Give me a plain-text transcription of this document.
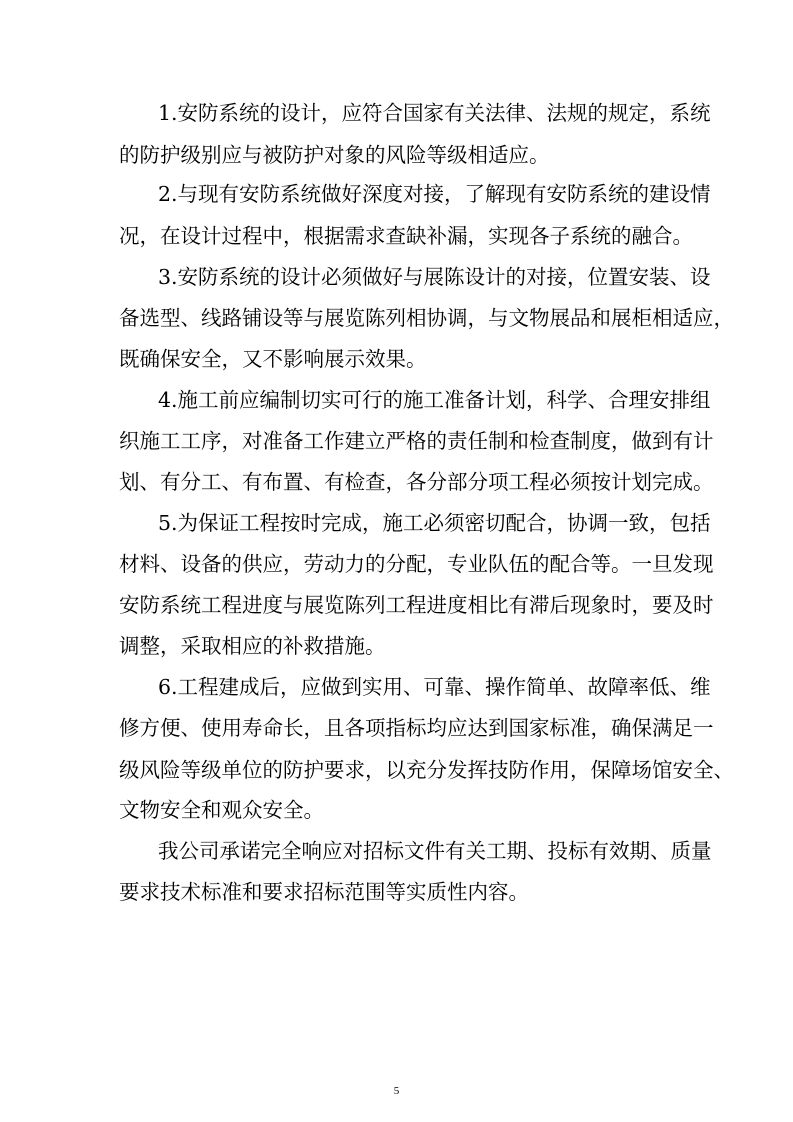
1.安防系统的设计，应符合国家有关法律、法规的规定，系统

的防护级别应与被防护对象的风险等级相适应。

2.与现有安防系统做好深度对接，了解现有安防系统的建设情

况，在设计过程中，根据需求查缺补漏，实现各子系统的融合。

3.安防系统的设计必须做好与展陈设计的对接，位置安装、设

备选型、线路铺设等与展览陈列相协调，与文物展品和展柜相适应，

既确保安全，又不影响展示效果。

4.施工前应编制切实可行的施工准备计划，科学、合理安排组

织施工工序，对准备工作建立严格的责任制和检查制度，做到有计

划、有分工、有布置、有检查，各分部分项工程必须按计划完成。

5.为保证工程按时完成，施工必须密切配合，协调一致，包括

材料、设备的供应，劳动力的分配，专业队伍的配合等。一旦发现

安防系统工程进度与展览陈列工程进度相比有滞后现象时，要及时

调整，采取相应的补救措施。

6.工程建成后，应做到实用、可靠、操作简单、故障率低、维

修方便、使用寿命长，且各项指标均应达到国家标准，确保满足一

级风险等级单位的防护要求，以充分发挥技防作用，保障场馆安全、

文物安全和观众安全。

我公司承诺完全响应对招标文件有关工期、投标有效期、质量

要求技术标准和要求招标范围等实质性内容。

5
